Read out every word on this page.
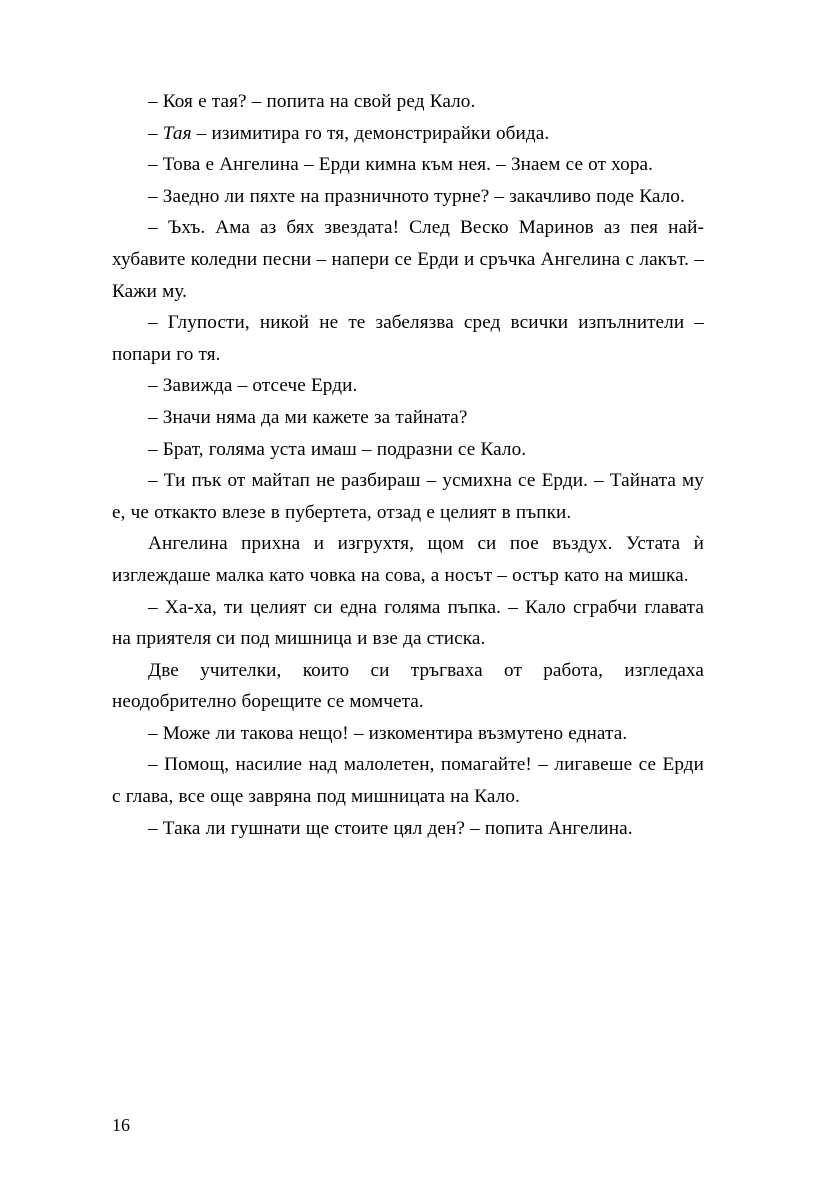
– Коя е тая? – попита на свой ред Кало.

– Тая – изимитира го тя, демонстрирайки обида.

– Това е Ангелина – Ерди кимна към нея. – Знаем се от хора.

– Заедно ли пяхте на празничното турне? – закачливо поде Кало.

– Ъхъ. Ама аз бях звездата! След Веско Маринов аз пея най-хубавите коледни песни – напери се Ерди и сръчка Ангелина с лакът. – Кажи му.

– Глупости, никой не те забелязва сред всички изпълнители – попари го тя.

– Завижда – отсече Ерди.

– Значи няма да ми кажете за тайната?

– Брат, голяма уста имаш – подразни се Кало.

– Ти пък от майтап не разбираш – усмихна се Ерди. – Тайната му е, че откакто влезе в пубертета, отзад е целият в пъпки.

Ангелина прихна и изгрухтя, щом си пое въздух. Устата ѝ изглеждаше малка като човка на сова, а носът – остър като на мишка.

– Ха-ха, ти целият си една голяма пъпка. – Кало сграбчи главата на приятеля си под мишница и взе да стиска.

Две учителки, които си тръгваха от работа, изгледаха неодобрително борещите се момчета.

– Може ли такова нещо! – изкоментира възмутено едната.

– Помощ, насилие над малолетен, помагайте! – лигавеше се Ерди с глава, все още завряна под мишницата на Кало.

– Така ли гушнати ще стоите цял ден? – попита Ангелина.

16
